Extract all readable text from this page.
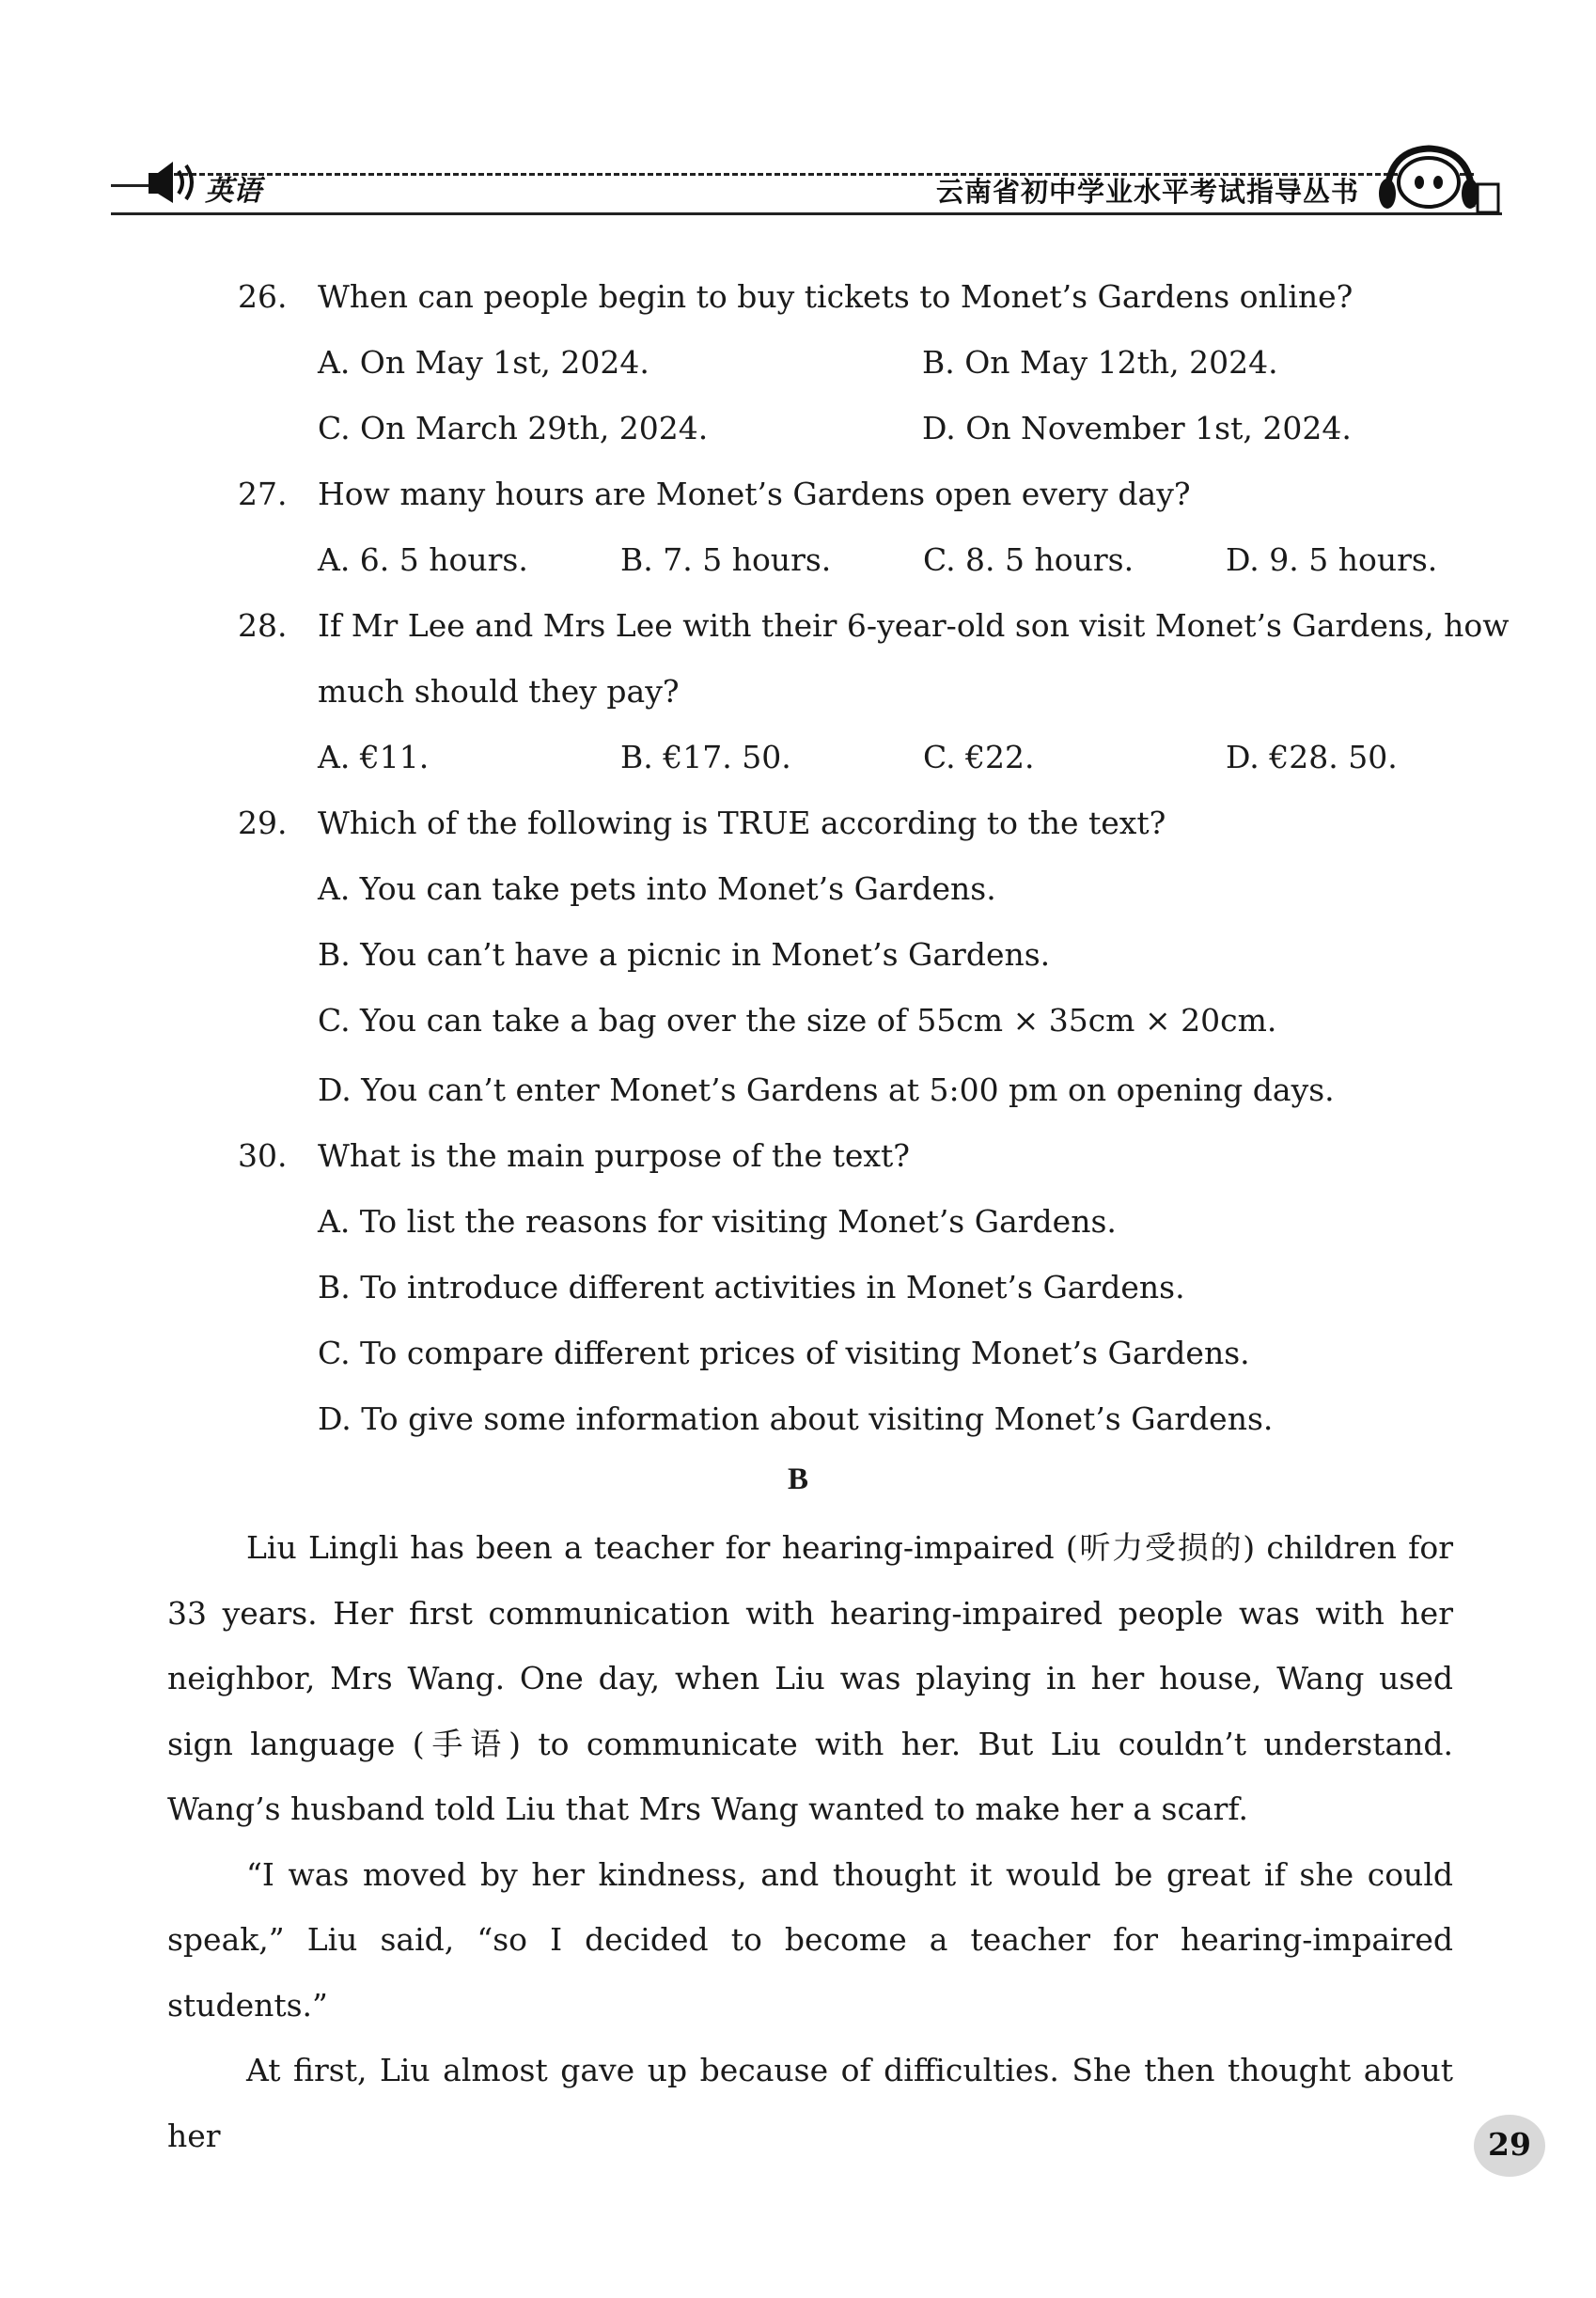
英语	云南省初中学业水平考试指导丛书
26. When can people begin to buy tickets to Monet’s Gardens online?
A. On May 1st, 2024.	B. On May 12th, 2024.
C. On March 29th, 2024.	D. On November 1st, 2024.
27. How many hours are Monet’s Gardens open every day?
A. 6. 5 hours.	B. 7. 5 hours.	C. 8. 5 hours.	D. 9. 5 hours.
28. If Mr Lee and Mrs Lee with their 6-year-old son visit Monet’s Gardens, how
much should they pay?
A. €11.	B. €17. 50.	C. €22.	D. €28. 50.
29. Which of the following is TRUE according to the text?
A. You can take pets into Monet’s Gardens.
B. You can’t have a picnic in Monet’s Gardens.
C. You can take a bag over the size of 55cm × 35cm × 20cm.
D. You can’t enter Monet’s Gardens at 5:00 pm on opening days.
30. What is the main purpose of the text?
A. To list the reasons for visiting Monet’s Gardens.
B. To introduce different activities in Monet’s Gardens.
C. To compare different prices of visiting Monet’s Gardens.
D. To give some information about visiting Monet’s Gardens.
B

Liu Lingli has been a teacher for hearing-impaired (听力受损的) children for 33 years. Her first communication with hearing-impaired people was with her neighbor, Mrs Wang. One day, when Liu was playing in her house, Wang used sign language (手语) to communicate with her. But Liu couldn’t understand. Wang’s husband told Liu that Mrs Wang wanted to make her a scarf.

“I was moved by her kindness, and thought it would be great if she could speak,” Liu said, “so I decided to become a teacher for hearing-impaired students.”

At first, Liu almost gave up because of difficulties. She then thought about her	29
